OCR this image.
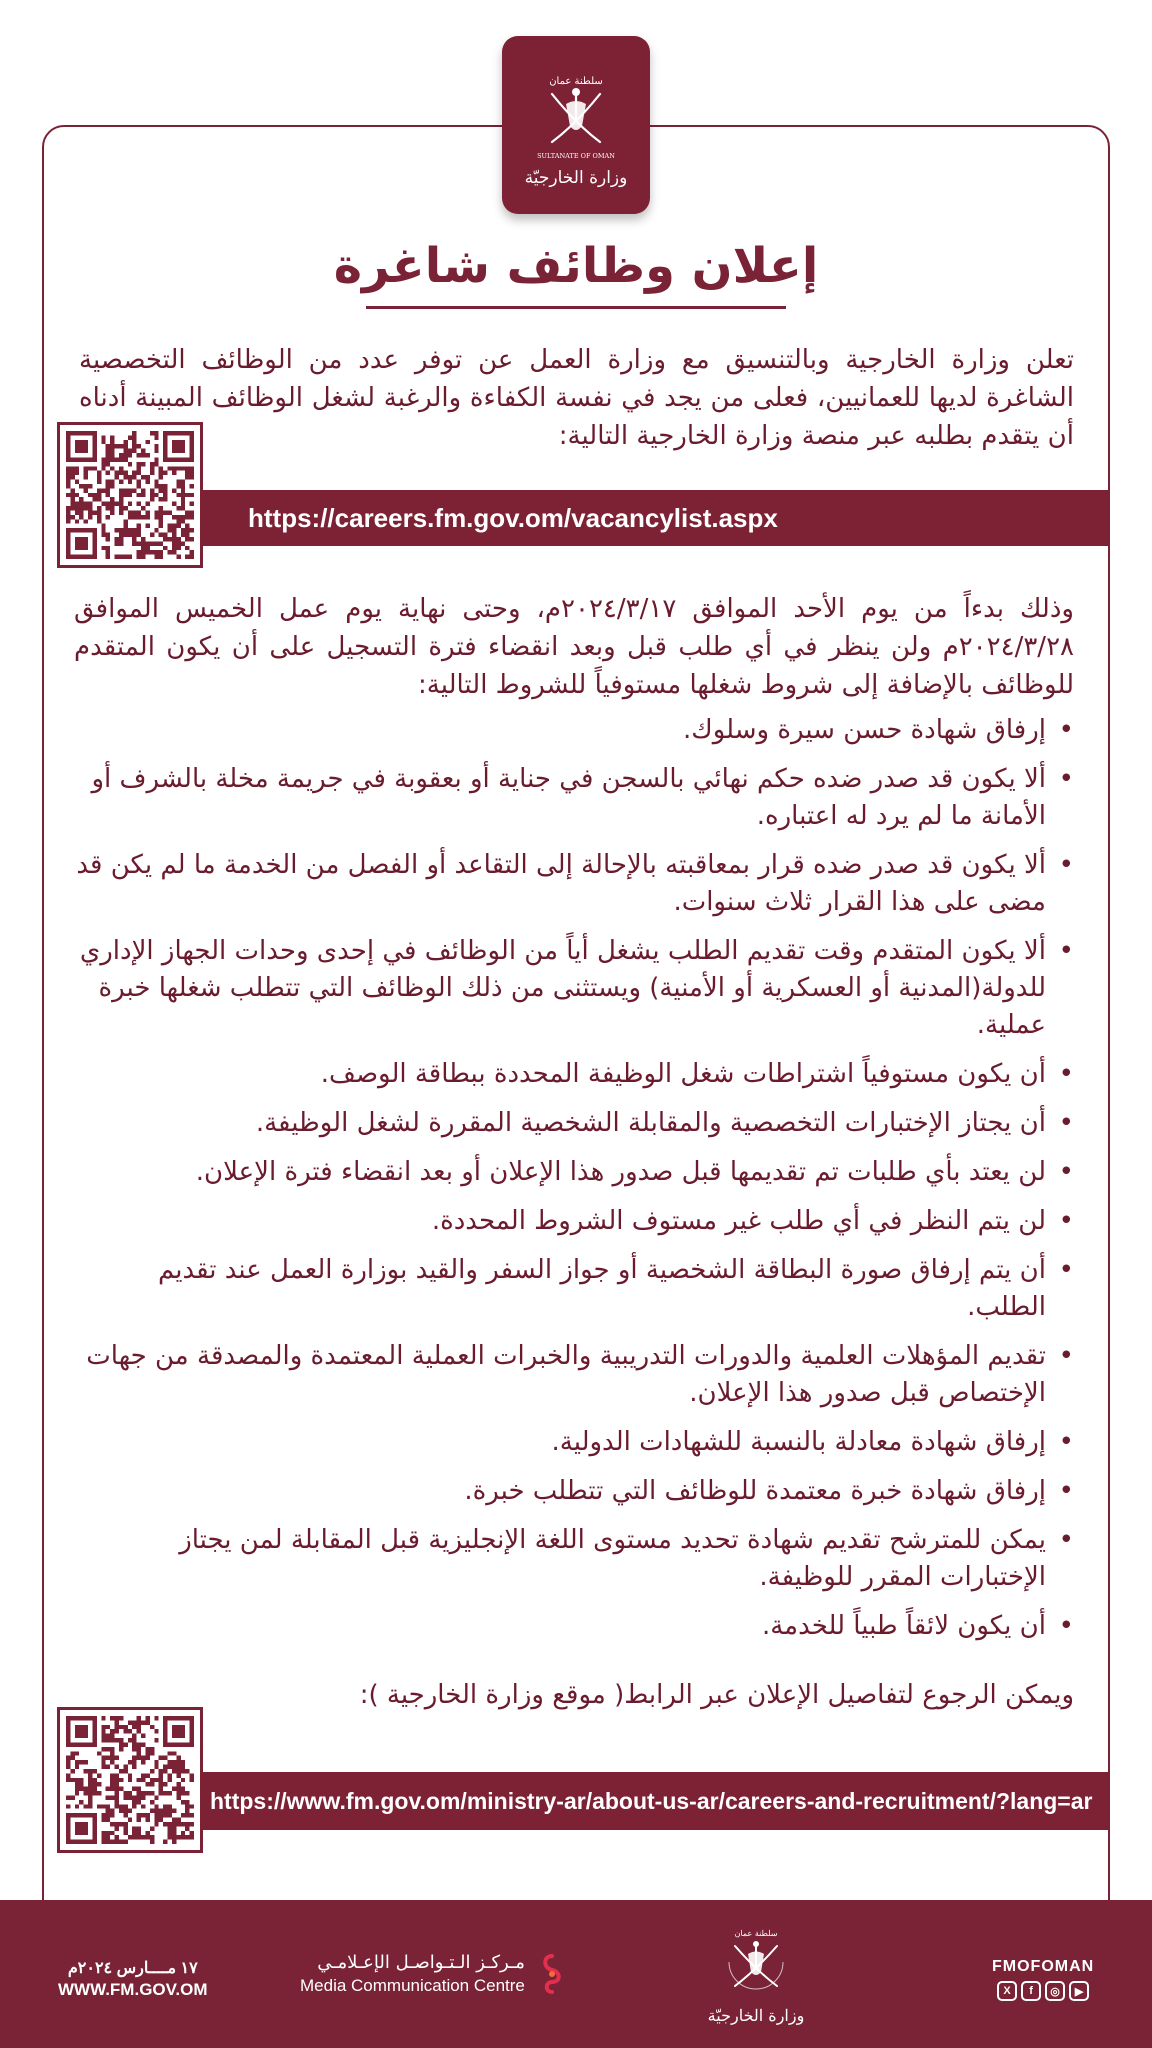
سلطنة عمان
SULTANATE OF OMAN
وزارة الخارجيّة
إعلان وظائف شاغرة

تعلن وزارة الخارجية وبالتنسيق مع وزارة العمل عن توفر عدد من الوظائف التخصصية الشاغرة لديها للعمانيين، فعلى من يجد في نفسة الكفاءة والرغبة لشغل الوظائف المبينة أدناه أن يتقدم بطلبه عبر منصة وزارة الخارجية التالية:

https://careers.fm.gov.om/vacancylist.aspx

وذلك بدءاً من يوم الأحد الموافق ٢٠٢٤/٣/١٧م، وحتى نهاية يوم عمل الخميس الموافق ٢٠٢٤/٣/٢٨م ولن ينظر في أي طلب قبل وبعد انقضاء فترة التسجيل على أن يكون المتقدم للوظائف بالإضافة إلى شروط شغلها مستوفياً للشروط التالية:

•
إرفاق شهادة حسن سيرة وسلوك.
•
ألا يكون قد صدر ضده حكم نهائي بالسجن في جناية أو بعقوبة في جريمة مخلة بالشرف أو الأمانة ما لم يرد له اعتباره.
•
ألا يكون قد صدر ضده قرار بمعاقبته بالإحالة إلى التقاعد أو الفصل من الخدمة ما لم يكن قد مضى على هذا القرار ثلاث سنوات.
•
ألا يكون المتقدم وقت تقديم الطلب يشغل أياً من الوظائف في إحدى وحدات الجهاز الإداري للدولة(المدنية أو العسكرية أو الأمنية) ويستثنى من ذلك الوظائف التي تتطلب شغلها خبرة عملية.
•
أن يكون مستوفياً اشتراطات شغل الوظيفة المحددة ببطاقة الوصف.
•
أن يجتاز الإختبارات التخصصية والمقابلة الشخصية المقررة لشغل الوظيفة.
•
لن يعتد بأي طلبات تم تقديمها قبل صدور هذا الإعلان أو بعد انقضاء فترة الإعلان.
•
لن يتم النظر في أي طلب غير مستوف الشروط المحددة.
•
أن يتم إرفاق صورة البطاقة الشخصية أو جواز السفر والقيد بوزارة العمل عند تقديم الطلب.
•
تقديم المؤهلات العلمية والدورات التدريبية والخبرات العملية المعتمدة والمصدقة من جهات الإختصاص قبل صدور هذا الإعلان.
•
إرفاق شهادة معادلة بالنسبة للشهادات الدولية.
•
إرفاق شهادة خبرة معتمدة للوظائف التي تتطلب خبرة.
•
يمكن للمترشح تقديم شهادة تحديد مستوى اللغة الإنجليزية قبل المقابلة لمن يجتاز الإختبارات المقرر للوظيفة.
•
أن يكون لائقاً طبياً للخدمة.

ويمكن الرجوع لتفاصيل الإعلان عبر الرابط( موقع وزارة الخارجية ):

https://www.fm.gov.om/ministry-ar/about-us-ar/careers-and-recruitment/?lang=ar
١٧ مــــارس ٢٠٢٤م
WWW.FM.GOV.OM
مـركـز الـتـواصـل الإعـلامـي
Media Communication Centre
سلطنة عمان
وزارة الخارجيّة
FMOFOMAN
X	f	◎	▶
